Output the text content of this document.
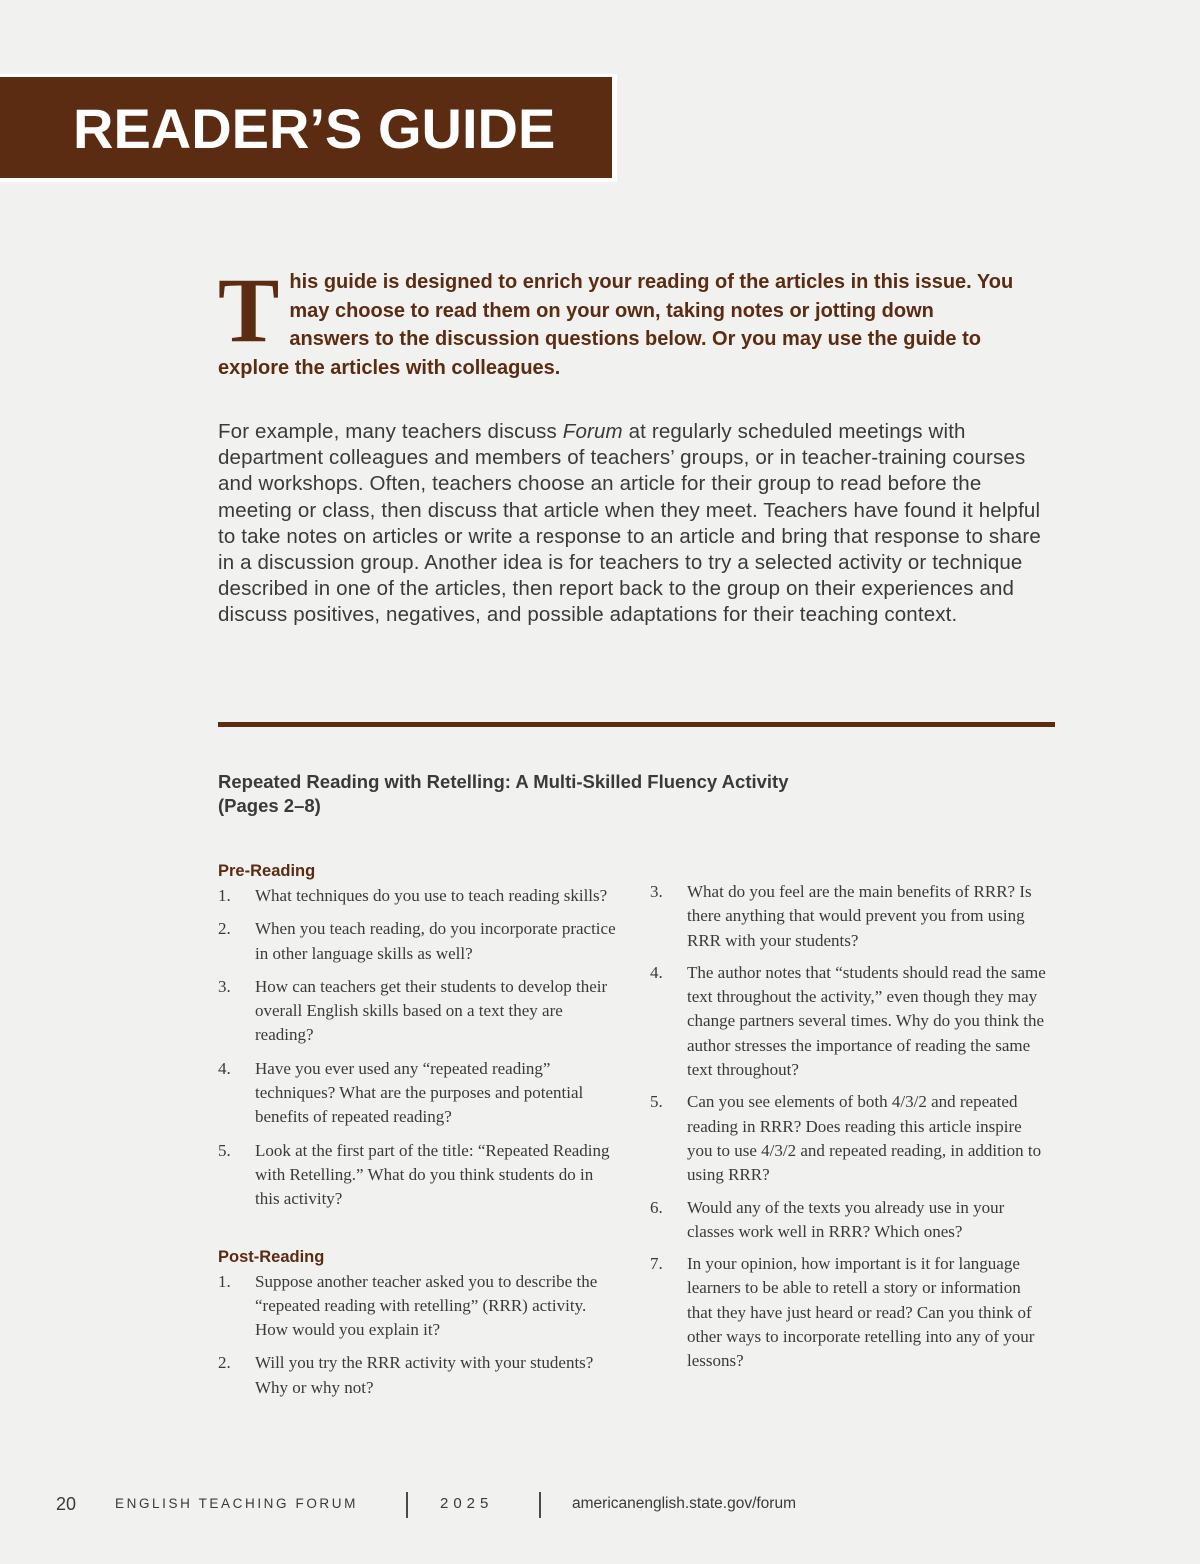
READER’S GUIDE
This guide is designed to enrich your reading of the articles in this issue. You may choose to read them on your own, taking notes or jotting down answers to the discussion questions below. Or you may use the guide to explore the articles with colleagues.

For example, many teachers discuss Forum at regularly scheduled meetings with department colleagues and members of teachers’ groups, or in teacher-training courses and workshops. Often, teachers choose an article for their group to read before the meeting or class, then discuss that article when they meet. Teachers have found it helpful to take notes on articles or write a response to an article and bring that response to share in a discussion group. Another idea is for teachers to try a selected activity or technique described in one of the articles, then report back to the group on their experiences and discuss positives, negatives, and possible adaptations for their teaching context.

Repeated Reading with Retelling: A Multi-Skilled Fluency Activity
(Pages 2–8)
Pre-Reading
1. What techniques do you use to teach reading skills?
2. When you teach reading, do you incorporate practice in other language skills as well?
3. How can teachers get their students to develop their overall English skills based on a text they are reading?
4. Have you ever used any “repeated reading” techniques? What are the purposes and potential benefits of repeated reading?
5. Look at the first part of the title: “Repeated Reading with Retelling.” What do you think students do in this activity?
Post-Reading
1. Suppose another teacher asked you to describe the “repeated reading with retelling” (RRR) activity. How would you explain it?
2. Will you try the RRR activity with your students? Why or why not?
3. What do you feel are the main benefits of RRR? Is there anything that would prevent you from using RRR with your students?
4. The author notes that “students should read the same text throughout the activity,” even though they may change partners several times. Why do you think the author stresses the importance of reading the same text throughout?
5. Can you see elements of both 4/3/2 and repeated reading in RRR? Does reading this article inspire you to use 4/3/2 and repeated reading, in addition to using RRR?
6. Would any of the texts you already use in your classes work well in RRR? Which ones?
7. In your opinion, how important is it for language learners to be able to retell a story or information that they have just heard or read? Can you think of other ways to incorporate retelling into any of your lessons?
20	ENGLISH TEACHING FORUM	2025	americanenglish.state.gov/forum
